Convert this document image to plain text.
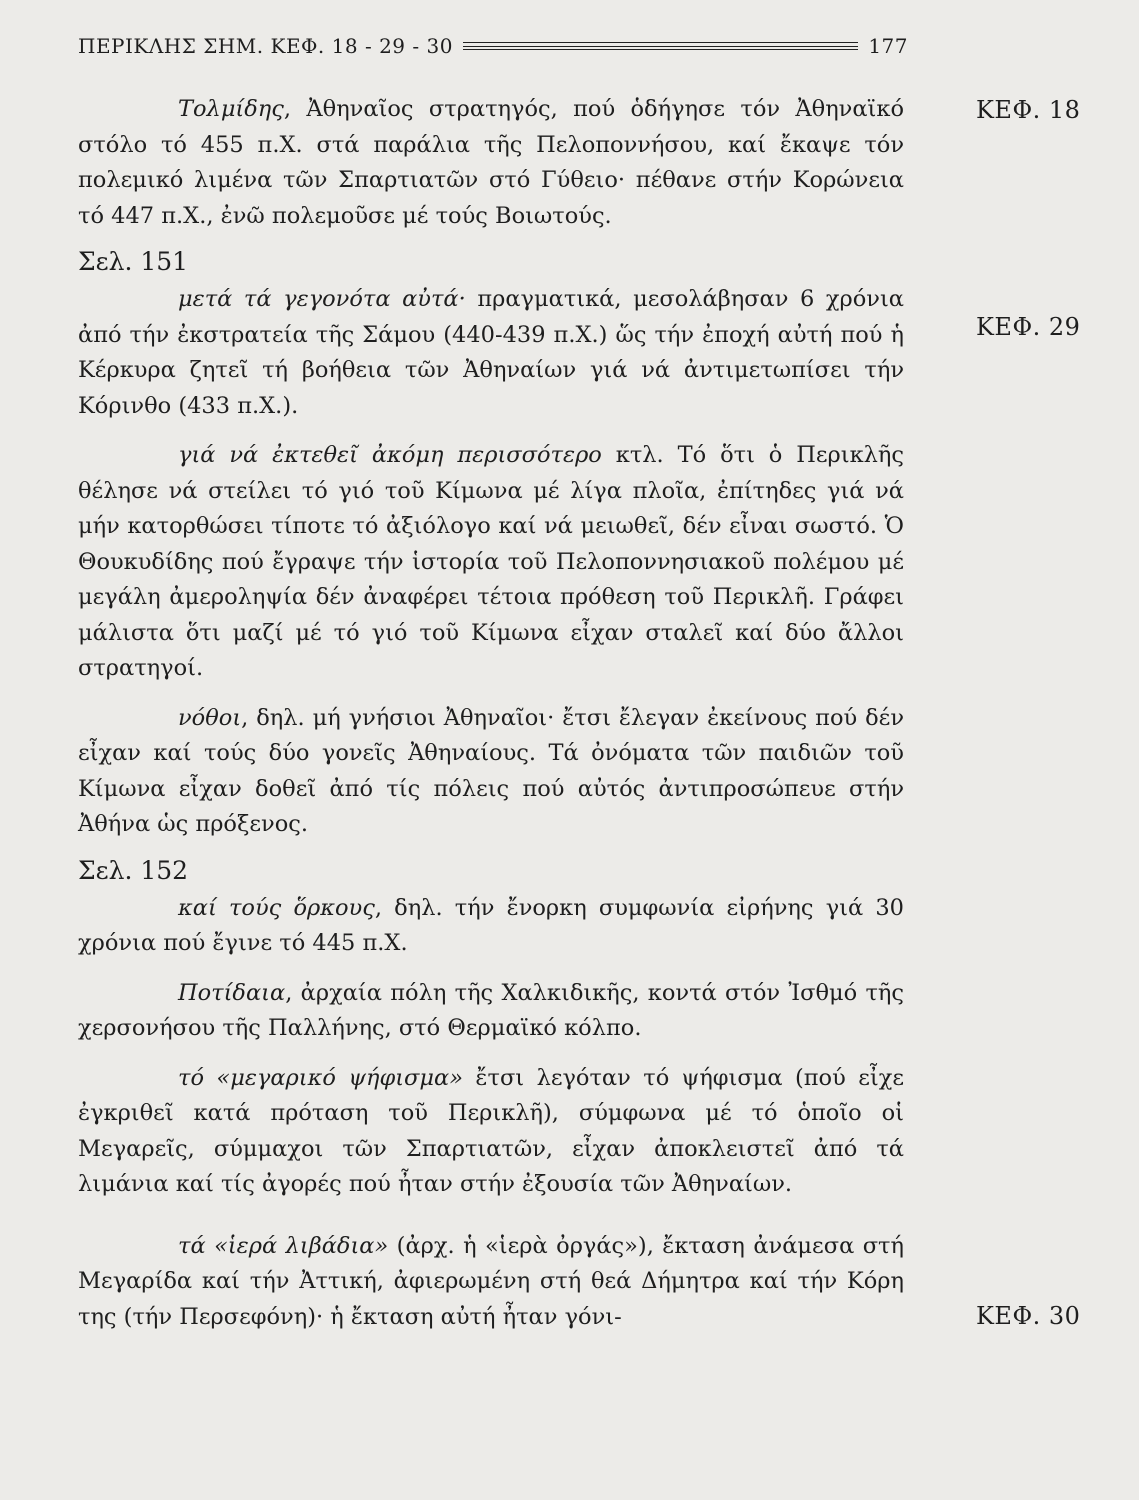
ΠΕΡΙΚΛΗΣ ΣΗΜ. ΚΕΦ. 18 - 29 - 30	177
ΚΕΦ. 18
ΚΕΦ. 29
ΚΕΦ. 30

Τολμίδης, Ἀθηναῖος στρατηγός, πού ὁδήγησε τόν Ἀθηναϊκό στόλο τό 455 π.Χ. στά παράλια τῆς Πελοποννήσου, καί ἔκαψε τόν πολεμικό λιμένα τῶν Σπαρτιατῶν στό Γύθειο· πέθανε στήν Κορώνεια τό 447 π.Χ., ἐνῶ πολεμοῦσε μέ τούς Βοιωτούς.

Σελ. 151

μετά τά γεγονότα αὐτά· πραγματικά, μεσολάβησαν 6 χρόνια ἀπό τήν ἐκστρατεία τῆς Σάμου (440-439 π.Χ.) ὥς τήν ἐποχή αὐτή πού ἡ Κέρκυρα ζητεῖ τή βοήθεια τῶν Ἀθηναίων γιά νά ἀντιμετωπίσει τήν Κόρινθο (433 π.Χ.).

γιά νά ἐκτεθεῖ ἀκόμη περισσότερο κτλ. Τό ὅτι ὁ Περικλῆς θέλησε νά στείλει τό γιό τοῦ Κίμωνα μέ λίγα πλοῖα, ἐπίτηδες γιά νά μήν κατορθώσει τίποτε τό ἀξιόλογο καί νά μειωθεῖ, δέν εἶναι σωστό. Ὁ Θουκυδίδης πού ἔγραψε τήν ἱστορία τοῦ Πελοποννησιακοῦ πολέμου μέ μεγάλη ἀμεροληψία δέν ἀναφέρει τέτοια πρόθεση τοῦ Περικλῆ. Γράφει μάλιστα ὅτι μαζί μέ τό γιό τοῦ Κίμωνα εἶχαν σταλεῖ καί δύο ἄλλοι στρατηγοί.

νόθοι, δηλ. μή γνήσιοι Ἀθηναῖοι· ἔτσι ἔλεγαν ἐκείνους πού δέν εἶχαν καί τούς δύο γονεῖς Ἀθηναίους. Τά ὀνόματα τῶν παιδιῶν τοῦ Κίμωνα εἶχαν δοθεῖ ἀπό τίς πόλεις πού αὐτός ἀντιπροσώπευε στήν Ἀθήνα ὡς πρόξενος.

Σελ. 152

καί τούς ὅρκους, δηλ. τήν ἔνορκη συμφωνία εἰρήνης γιά 30 χρόνια πού ἔγινε τό 445 π.Χ.

Ποτίδαια, ἀρχαία πόλη τῆς Χαλκιδικῆς, κοντά στόν Ἰσθμό τῆς χερσονήσου τῆς Παλλήνης, στό Θερμαϊκό κόλπο.

τό «μεγαρικό ψήφισμα» ἔτσι λεγόταν τό ψήφισμα (πού εἶχε ἐγκριθεῖ κατά πρόταση τοῦ Περικλῆ), σύμφωνα μέ τό ὁποῖο οἱ Μεγαρεῖς, σύμμαχοι τῶν Σπαρτιατῶν, εἶχαν ἀποκλειστεῖ ἀπό τά λιμάνια καί τίς ἀγορές πού ἦταν στήν ἐξουσία τῶν Ἀθηναίων.

τά «ἱερά λιβάδια» (ἀρχ. ἡ «ἱερὰ ὀργάς»), ἔκταση ἀνάμεσα στή Μεγαρίδα καί τήν Ἀττική, ἀφιερωμένη στή θεά Δήμητρα καί τήν Κόρη της (τήν Περσεφόνη)· ἡ ἔκταση αὐτή ἦταν γόνι-
